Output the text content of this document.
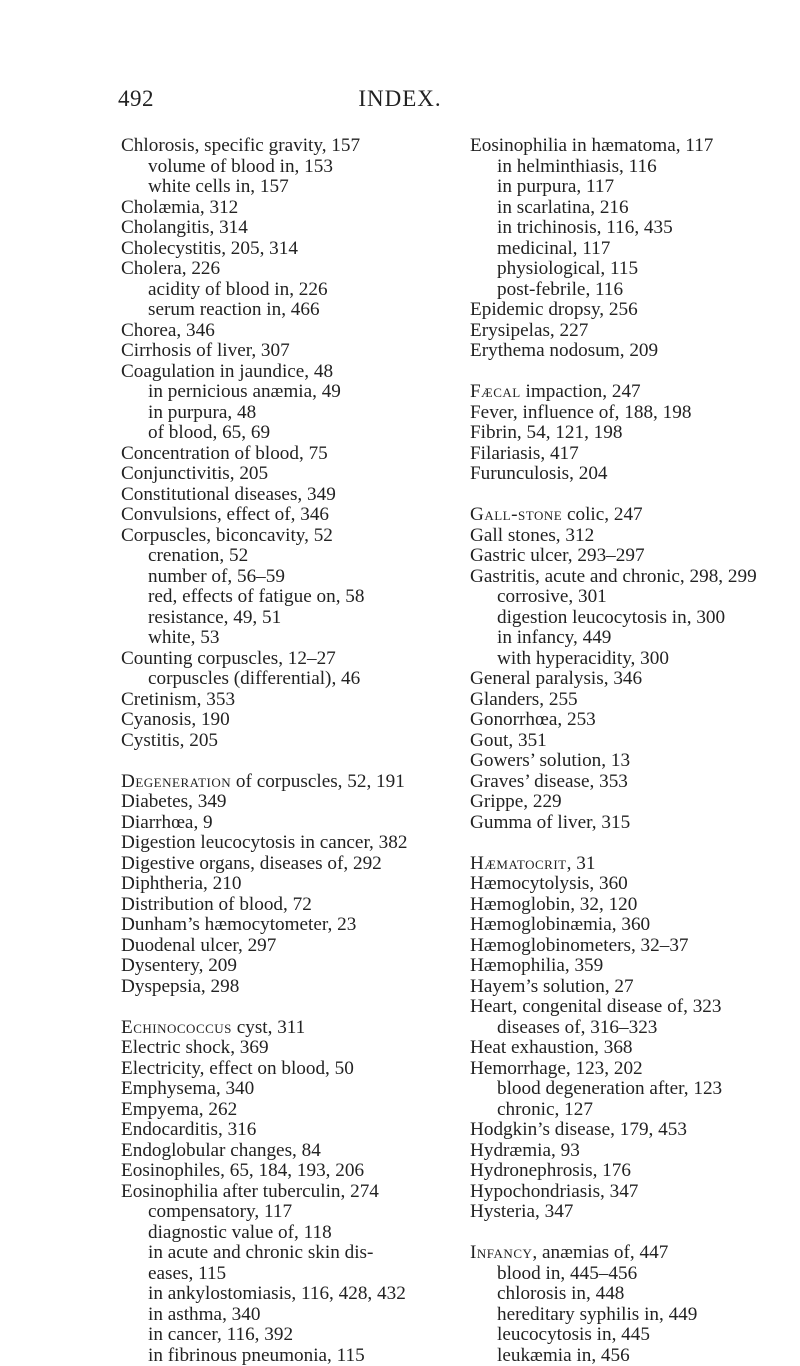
492	INDEX.
Chlorosis, specific gravity, 157
volume of blood in, 153
white cells in, 157
Cholæmia, 312
Cholangitis, 314
Cholecystitis, 205, 314
Cholera, 226
acidity of blood in, 226
serum reaction in, 466
Chorea, 346
Cirrhosis of liver, 307
Coagulation in jaundice, 48
in pernicious anæmia, 49
in purpura, 48
of blood, 65, 69
Concentration of blood, 75
Conjunctivitis, 205
Constitutional diseases, 349
Convulsions, effect of, 346
Corpuscles, biconcavity, 52
crenation, 52
number of, 56–59
red, effects of fatigue on, 58
resistance, 49, 51
white, 53
Counting corpuscles, 12–27
corpuscles (differential), 46
Cretinism, 353
Cyanosis, 190
Cystitis, 205
Degeneration of corpuscles, 52, 191
Diabetes, 349
Diarrhœa, 9
Digestion leucocytosis in cancer, 382
Digestive organs, diseases of, 292
Diphtheria, 210
Distribution of blood, 72
Dunham’s hæmocytometer, 23
Duodenal ulcer, 297
Dysentery, 209
Dyspepsia, 298
Echinococcus cyst, 311
Electric shock, 369
Electricity, effect on blood, 50
Emphysema, 340
Empyema, 262
Endocarditis, 316
Endoglobular changes, 84
Eosinophiles, 65, 184, 193, 206
Eosinophilia after tuberculin, 274
compensatory, 117
diagnostic value of, 118
in acute and chronic skin dis-
eases, 115
in ankylostomiasis, 116, 428, 432
in asthma, 340
in cancer, 116, 392
in fibrinous pneumonia, 115
Eosinophilia in hæmatoma, 117
in helminthiasis, 116
in purpura, 117
in scarlatina, 216
in trichinosis, 116, 435
medicinal, 117
physiological, 115
post-febrile, 116
Epidemic dropsy, 256
Erysipelas, 227
Erythema nodosum, 209
Fæcal impaction, 247
Fever, influence of, 188, 198
Fibrin, 54, 121, 198
Filariasis, 417
Furunculosis, 204
Gall-stone colic, 247
Gall stones, 312
Gastric ulcer, 293–297
Gastritis, acute and chronic, 298, 299
corrosive, 301
digestion leucocytosis in, 300
in infancy, 449
with hyperacidity, 300
General paralysis, 346
Glanders, 255
Gonorrhœa, 253
Gout, 351
Gowers’ solution, 13
Graves’ disease, 353
Grippe, 229
Gumma of liver, 315
Hæmatocrit, 31
Hæmocytolysis, 360
Hæmoglobin, 32, 120
Hæmoglobinæmia, 360
Hæmoglobinometers, 32–37
Hæmophilia, 359
Hayem’s solution, 27
Heart, congenital disease of, 323
diseases of, 316–323
Heat exhaustion, 368
Hemorrhage, 123, 202
blood degeneration after, 123
chronic, 127
Hodgkin’s disease, 179, 453
Hydræmia, 93
Hydronephrosis, 176
Hypochondriasis, 347
Hysteria, 347
Infancy, anæmias of, 447
blood in, 445–456
chlorosis in, 448
hereditary syphilis in, 449
leucocytosis in, 445
leukæmia in, 456
